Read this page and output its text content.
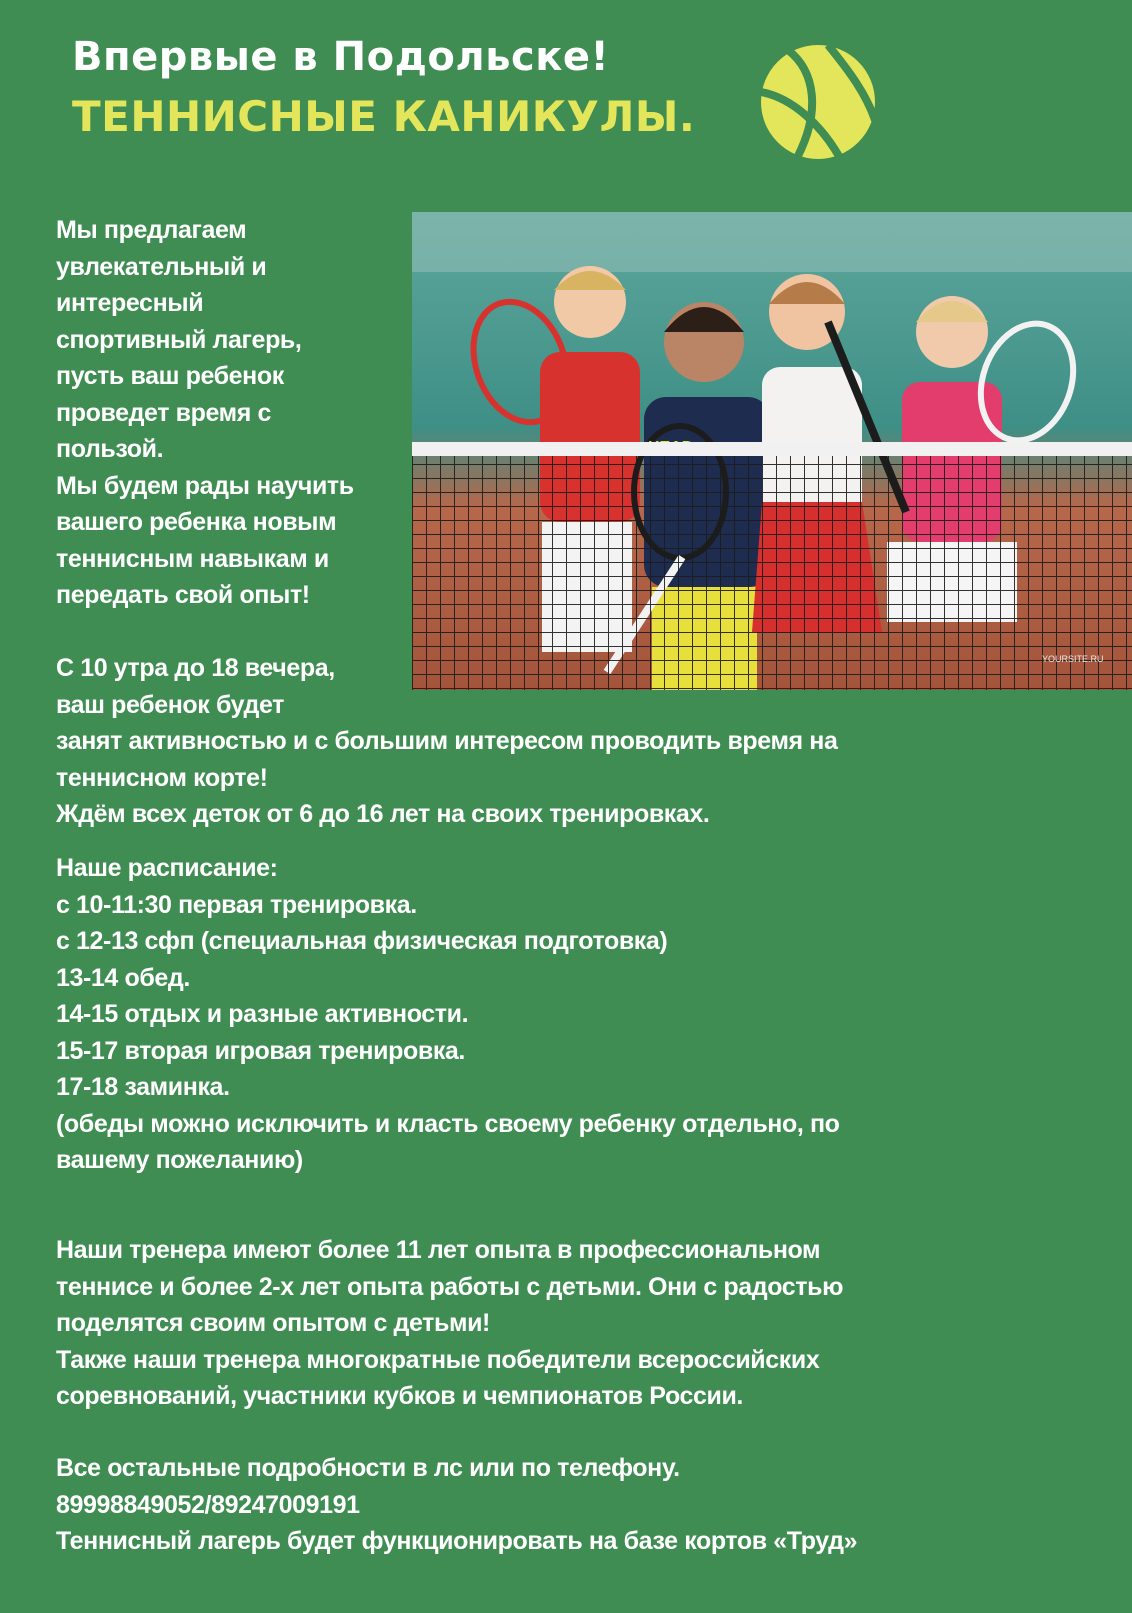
Впервые в Подольске!
ТЕННИСНЫЕ КАНИКУЛЫ.
YOURSITE.RU
Мы предлагаем
увлекательный и
интересный
спортивный лагерь,
пусть ваш ребенок
проведет время с
пользой.
Мы будем рады научить
вашего ребенка новым
теннисным навыкам и
передать свой опыт!
С 10 утра до 18 вечера,
ваш ребенок будет
занят активностью и с большим интересом проводить время на
теннисном корте!
Ждём всех деток от 6 до 16 лет на своих тренировках.
Наше расписание:
с 10-11:30 первая тренировка.
с 12-13 сфп (специальная физическая подготовка)
13-14 обед.
14-15 отдых и разные активности.
15-17 вторая игровая тренировка.
17-18 заминка.
(обеды можно исключить и класть своему ребенку отдельно, по
вашему пожеланию)
Наши тренера имеют более 11 лет опыта в профессиональном
теннисе и более 2-х лет опыта работы с детьми. Они с радостью
поделятся своим опытом с детьми!
Также наши тренера многократные победители всероссийских
соревнований, участники кубков и чемпионатов России.
Все остальные подробности в лс или по телефону.
89998849052/89247009191
Теннисный лагерь будет функционировать на базе кортов «Труд»
